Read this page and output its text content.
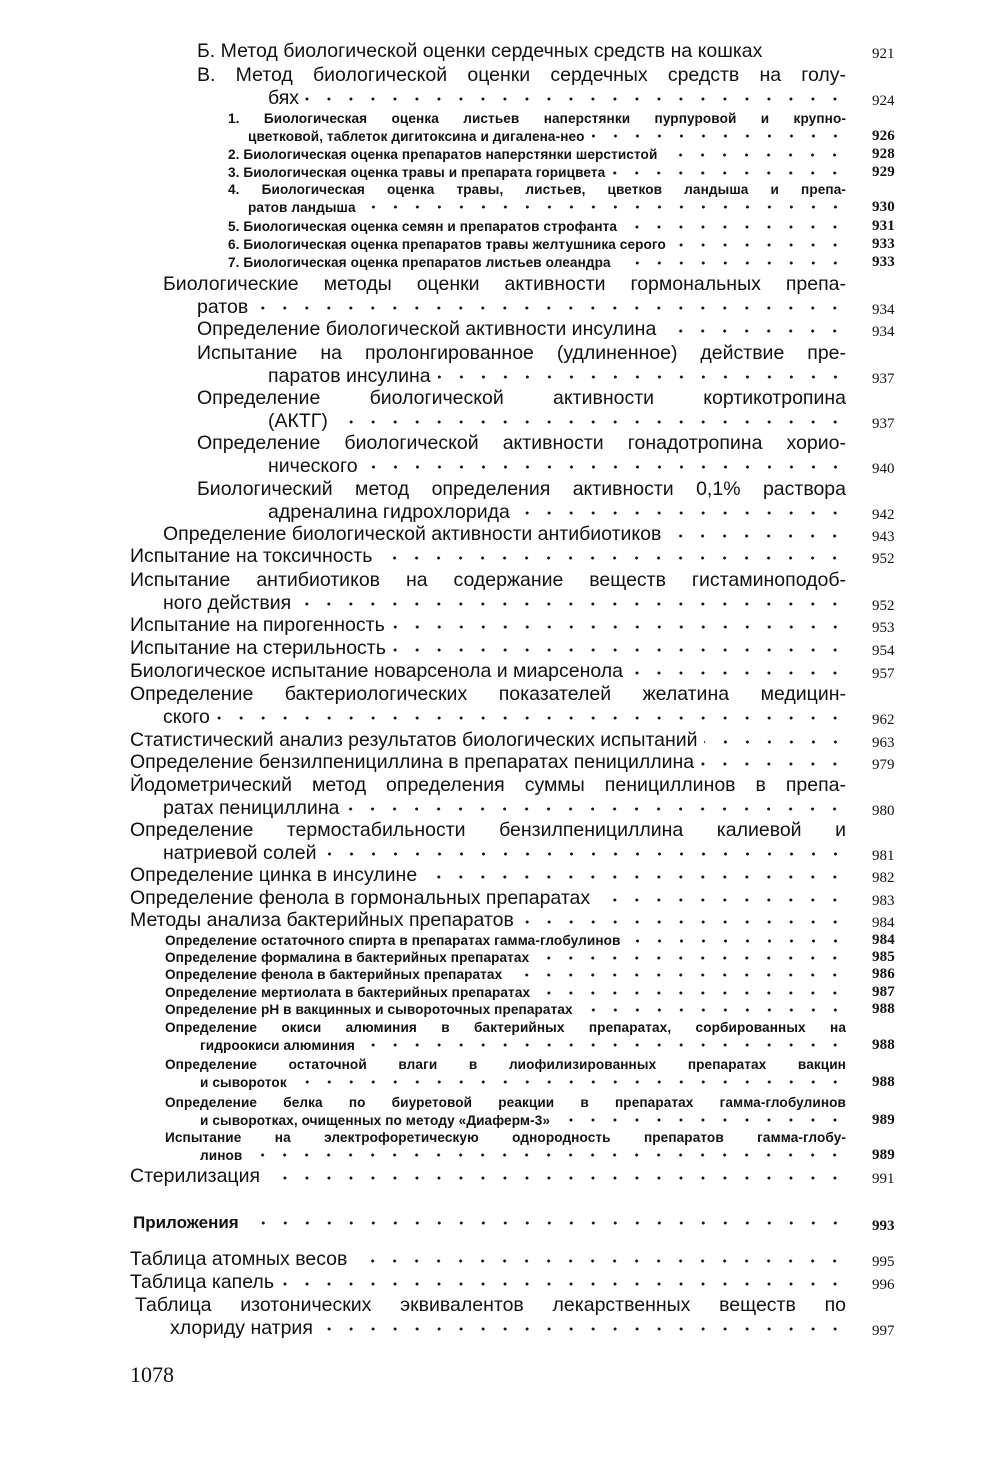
Б. Метод биологической оценки сердечных средств на кошках	921
В. Метод биологической оценки сердечных средств на голу-
бях	924
1. Биологическая оценка листьев наперстянки пурпуровой и крупно-
цветковой, таблеток дигитоксина и дигалена-нео	926
2. Биологическая оценка препаратов наперстянки шерстистой	928
3. Биологическая оценка травы и препарата горицвета	929
4. Биологическая оценка травы, листьев, цветков ландыша и препа-
ратов ландыша	930
5. Биологическая оценка семян и препаратов строфанта	931
6. Биологическая оценка препаратов травы желтушника серого	933
7. Биологическая оценка препаратов листьев олеандра	933
Биологические методы оценки активности гормональных препа-
ратов	934
Определение биологической активности инсулина	934
Испытание на пролонгированное (удлиненное) действие пре-
паратов инсулина	937
Определение биологической активности кортикотропина
(АКТГ)	937
Определение биологической активности гонадотропина хорио-
нического	940
Биологический метод определения активности 0,1% раствора
адреналина гидрохлорида	942
Определение биологической активности антибиотиков	943
Испытание на токсичность	952
Испытание антибиотиков на содержание веществ гистаминоподоб-
ного действия	952
Испытание на пирогенность	953
Испытание на стерильность	954
Биологическое испытание новарсенола и миарсенола	957
Определение бактериологических показателей желатина медицин-
ского	962
Статистический анализ результатов биологических испытаний	963
Определение бензилпенициллина в препаратах пенициллина	979
Йодометрический метод определения суммы пенициллинов в препа-
ратах пенициллина	980
Определение термостабильности бензилпенициллина калиевой и
натриевой солей	981
Определение цинка в инсулине	982
Определение фенола в гормональных препаратах	983
Методы анализа бактерийных препаратов	984
Определение остаточного спирта в препаратах гамма-глобулинов	984
Определение формалина в бактерийных препаратах	985
Определение фенола в бактерийных препаратах	986
Определение мертиолата в бактерийных препаратах	987
Определение pH в вакцинных и сывороточных препаратах	988
Определение окиси алюминия в бактерийных препаратах, сорбированных на
гидроокиси алюминия	988
Определение остаточной влаги в лиофилизированных препаратах вакцин
и сывороток	988
Определение белка по биуретовой реакции в препаратах гамма-глобулинов
и сыворотках, очищенных по методу «Диаферм-3»	989
Испытание на электрофоретическую однородность препаратов гамма-глобу-
линов	989
Стерилизация	991
Приложения	993
Таблица атомных весов	995
Таблица капель	996
Таблица изотонических эквивалентов лекарственных веществ по
хлориду натрия	997
1078
